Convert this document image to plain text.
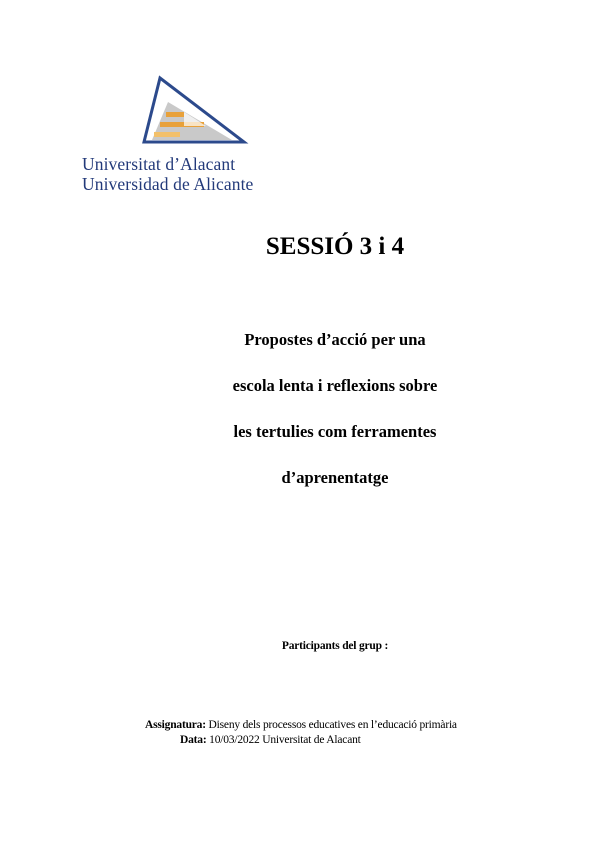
Universitat d’Alacant
Universidad de Alicante
SESSIÓ 3 i 4
Propostes d’acció per una
escola lenta i reflexions sobre
les tertulies com ferramentes
d’aprenentatge
Participants del grup :
Assignatura: Diseny dels processos educatives en l’educació primària
Data: 10/03/2022 Universitat de Alacant
